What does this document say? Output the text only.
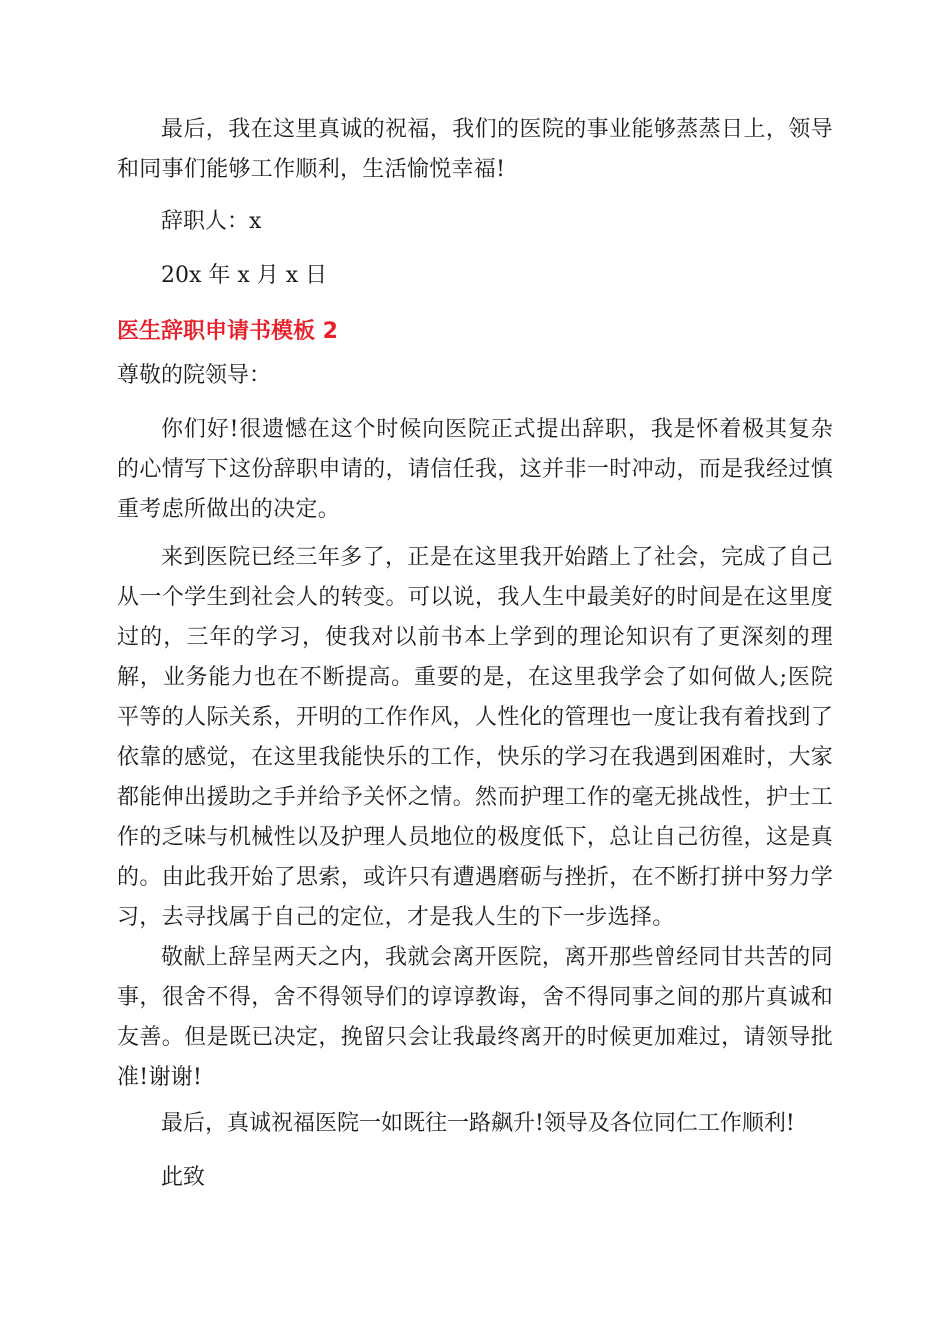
最后，我在这里真诚的祝福，我们的医院的事业能够蒸蒸日上，领导和同事们能够工作顺利，生活愉悦幸福!

辞职人：x

20x 年 x 月 x 日

医生辞职申请书模板 2

尊敬的院领导：

你们好!很遗憾在这个时候向医院正式提出辞职，我是怀着极其复杂的心情写下这份辞职申请的，请信任我，这并非一时冲动，而是我经过慎重考虑所做出的决定。

来到医院已经三年多了，正是在这里我开始踏上了社会，完成了自己从一个学生到社会人的转变。可以说，我人生中最美好的时间是在这里度过的，三年的学习，使我对以前书本上学到的理论知识有了更深刻的理解，业务能力也在不断提高。重要的是，在这里我学会了如何做人;医院平等的人际关系，开明的工作作风，人性化的管理也一度让我有着找到了依靠的感觉，在这里我能快乐的工作，快乐的学习在我遇到困难时，大家都能伸出援助之手并给予关怀之情。然而护理工作的毫无挑战性，护士工作的乏味与机械性以及护理人员地位的极度低下，总让自己彷徨，这是真的。由此我开始了思索，或许只有遭遇磨砺与挫折，在不断打拼中努力学习，去寻找属于自己的定位，才是我人生的下一步选择。

敬献上辞呈两天之内，我就会离开医院，离开那些曾经同甘共苦的同事，很舍不得，舍不得领导们的谆谆教诲，舍不得同事之间的那片真诚和友善。但是既已决定，挽留只会让我最终离开的时候更加难过，请领导批准!谢谢!

最后，真诚祝福医院一如既往一路飙升!领导及各位同仁工作顺利!

此致
